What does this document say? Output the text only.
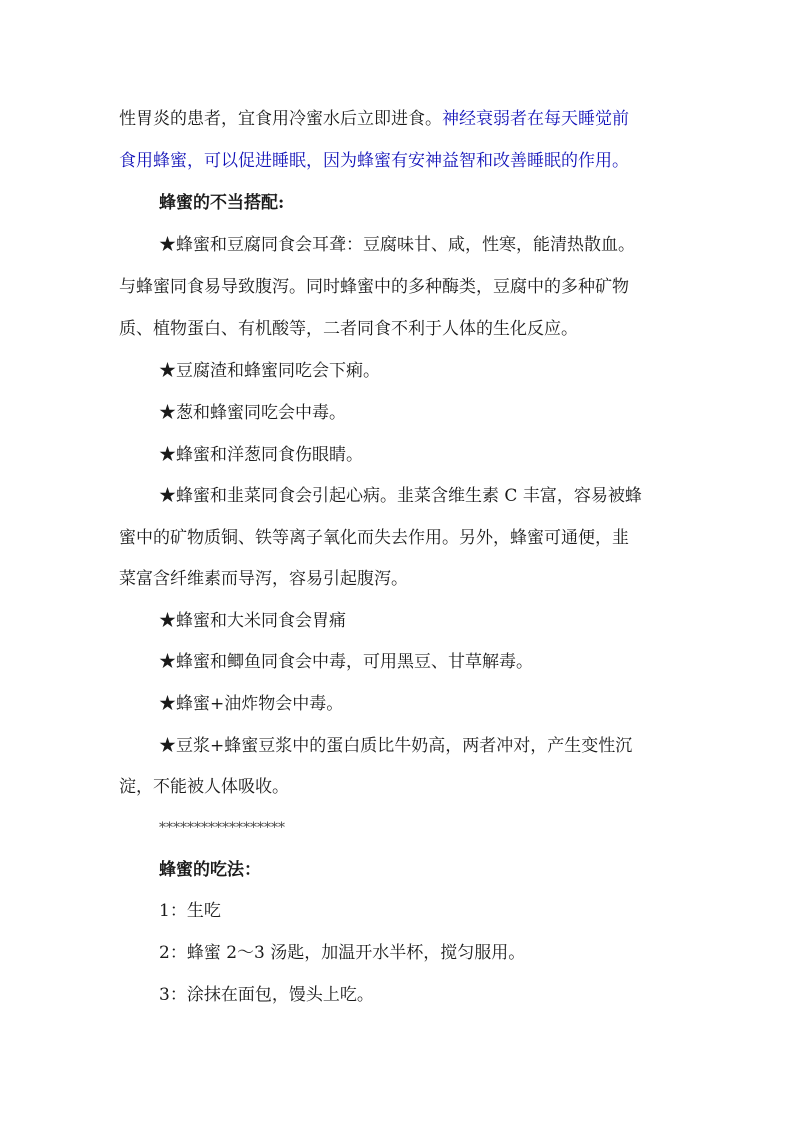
性胃炎的患者，宜食用冷蜜水后立即进食。神经衰弱者在每天睡觉前
食用蜂蜜，可以促进睡眠，因为蜂蜜有安神益智和改善睡眠的作用。
蜂蜜的不当搭配:
★蜂蜜和豆腐同食会耳聋：豆腐味甘、咸，性寒，能清热散血。
与蜂蜜同食易导致腹泻。同时蜂蜜中的多种酶类，豆腐中的多种矿物
质、植物蛋白、有机酸等，二者同食不利于人体的生化反应。
★豆腐渣和蜂蜜同吃会下痢。
★葱和蜂蜜同吃会中毒。
★蜂蜜和洋葱同食伤眼睛。
★蜂蜜和韭菜同食会引起心病。韭菜含维生素 C 丰富，容易被蜂
蜜中的矿物质铜、铁等离子氧化而失去作用。另外，蜂蜜可通便，韭
菜富含纤维素而导泻，容易引起腹泻。
★蜂蜜和大米同食会胃痛
★蜂蜜和鲫鱼同食会中毒，可用黑豆、甘草解毒。
★蜂蜜+油炸物会中毒。
★豆浆+蜂蜜豆浆中的蛋白质比牛奶高，两者冲对，产生变性沉
淀，不能被人体吸收。
******************
蜂蜜的吃法：
1：生吃
2：蜂蜜 2～3 汤匙，加温开水半杯，搅匀服用。
3：涂抹在面包，馒头上吃。
